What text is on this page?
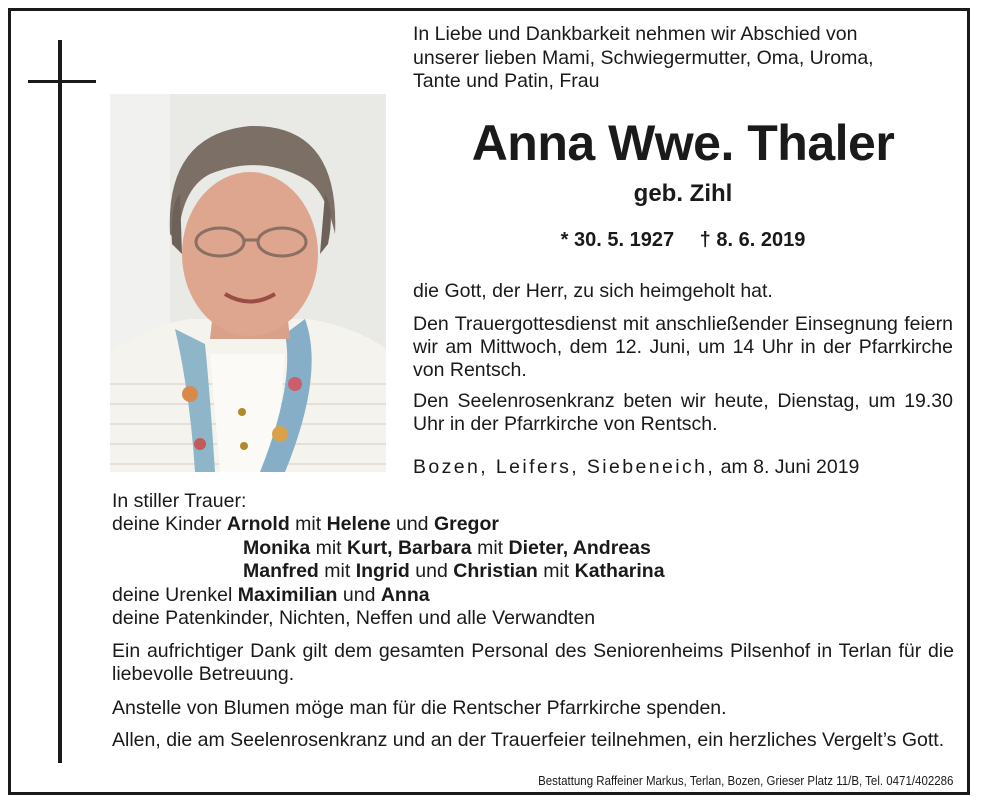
In Liebe und Dankbarkeit nehmen wir Abschied von
unserer lieben Mami, Schwiegermutter, Oma, Uroma,
Tante und Patin, Frau
Anna Wwe. Thaler
geb. Zihl
* 30. 5. 1927 † 8. 6. 2019
die Gott, der Herr, zu sich heimgeholt hat.
Den Trauergottesdienst mit anschließender Einsegnung feiern wir am Mittwoch, dem 12. Juni, um 14 Uhr in der Pfarrkirche von Rentsch.
Den Seelenrosenkranz beten wir heute, Dienstag, um 19.30 Uhr in der Pfarrkirche von Rentsch.
Bozen, Leifers, Siebeneich, am 8. Juni 2019
In stiller Trauer:
deine Kinder Arnold mit Helene und Gregor
Monika mit Kurt, Barbara mit Dieter, Andreas
Manfred mit Ingrid und Christian mit Katharina
deine Urenkel Maximilian und Anna
deine Patenkinder, Nichten, Neffen und alle Verwandten
Ein aufrichtiger Dank gilt dem gesamten Personal des Seniorenheims Pilsenhof in Terlan für die liebevolle Betreuung.
Anstelle von Blumen möge man für die Rentscher Pfarrkirche spenden.
Allen, die am Seelenrosenkranz und an der Trauerfeier teilnehmen, ein herzliches Vergelt’s Gott.
Bestattung Raffeiner Markus, Terlan, Bozen, Grieser Platz 11/B, Tel. 0471/402286
